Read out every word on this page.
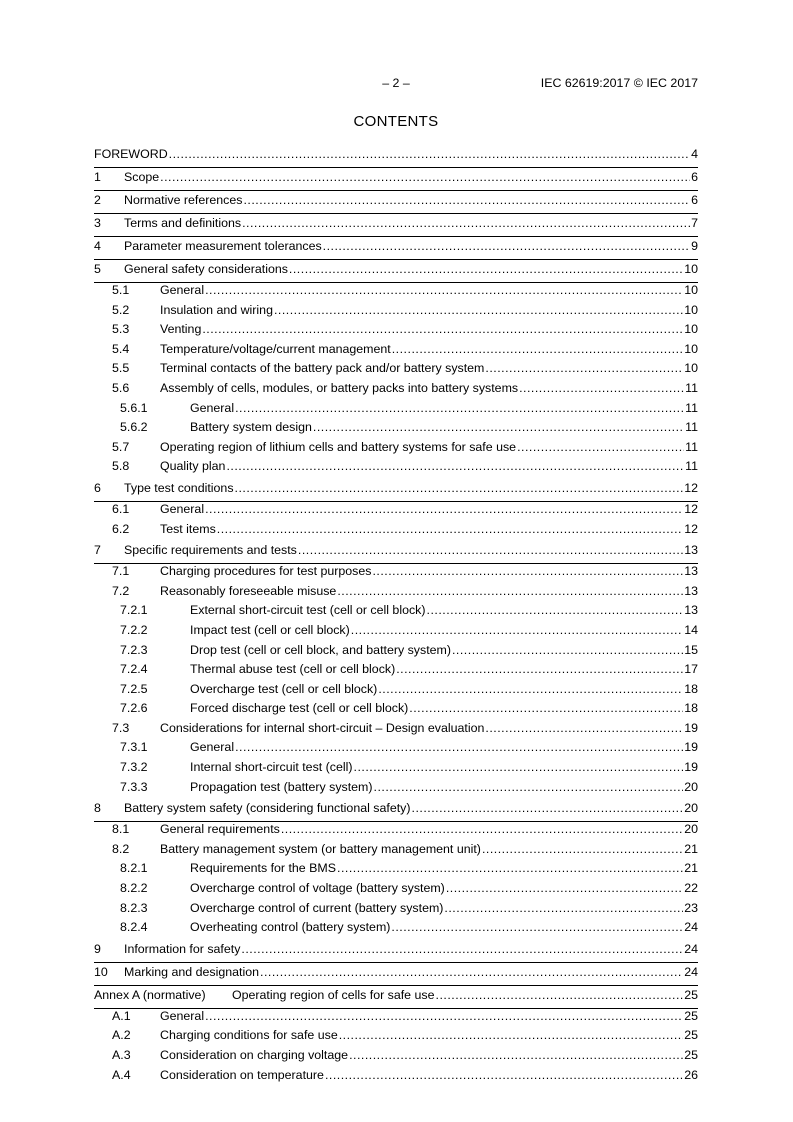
– 2 –	IEC 62619:2017 © IEC 2017
CONTENTS
FOREWORD .....	4
1 Scope .....	6
2 Normative references .....	6
3 Terms and definitions .....	7
4 Parameter measurement tolerances .....	9
5 General safety considerations .....	10
5.1 General .....	10
5.2 Insulation and wiring .....	10
5.3 Venting .....	10
5.4 Temperature/voltage/current management .....	10
5.5 Terminal contacts of the battery pack and/or battery system .....	10
5.6 Assembly of cells, modules, or battery packs into battery systems .....	11
5.6.1	General .....	11
5.6.2	Battery system design .....	11
5.7 Operating region of lithium cells and battery systems for safe use .....	11
5.8 Quality plan .....	11
6 Type test conditions .....	12
6.1 General .....	12
6.2 Test items .....	12
7 Specific requirements and tests .....	13
7.1 Charging procedures for test purposes .....	13
7.2 Reasonably foreseeable misuse .....	13
7.2.1	External short-circuit test (cell or cell block) .....	13
7.2.2	Impact test (cell or cell block) .....	14
7.2.3	Drop test (cell or cell block, and battery system) .....	15
7.2.4	Thermal abuse test (cell or cell block) .....	17
7.2.5	Overcharge test (cell or cell block) .....	18
7.2.6	Forced discharge test (cell or cell block) .....	18
7.3 Considerations for internal short-circuit – Design evaluation .....	19
7.3.1	General .....	19
7.3.2	Internal short-circuit test (cell) .....	19
7.3.3	Propagation test (battery system) .....	20
8 Battery system safety (considering functional safety) .....	20
8.1 General requirements .....	20
8.2 Battery management system (or battery management unit) .....	21
8.2.1	Requirements for the BMS .....	21
8.2.2	Overcharge control of voltage (battery system) .....	22
8.2.3	Overcharge control of current (battery system) .....	23
8.2.4	Overheating control (battery system) .....	24
9 Information for safety .....	24
10 Marking and designation .....	24
Annex A (normative) Operating region of cells for safe use .....	25
A.1 General .....	25
A.2 Charging conditions for safe use .....	25
A.3 Consideration on charging voltage .....	25
A.4 Consideration on temperature .....	26
